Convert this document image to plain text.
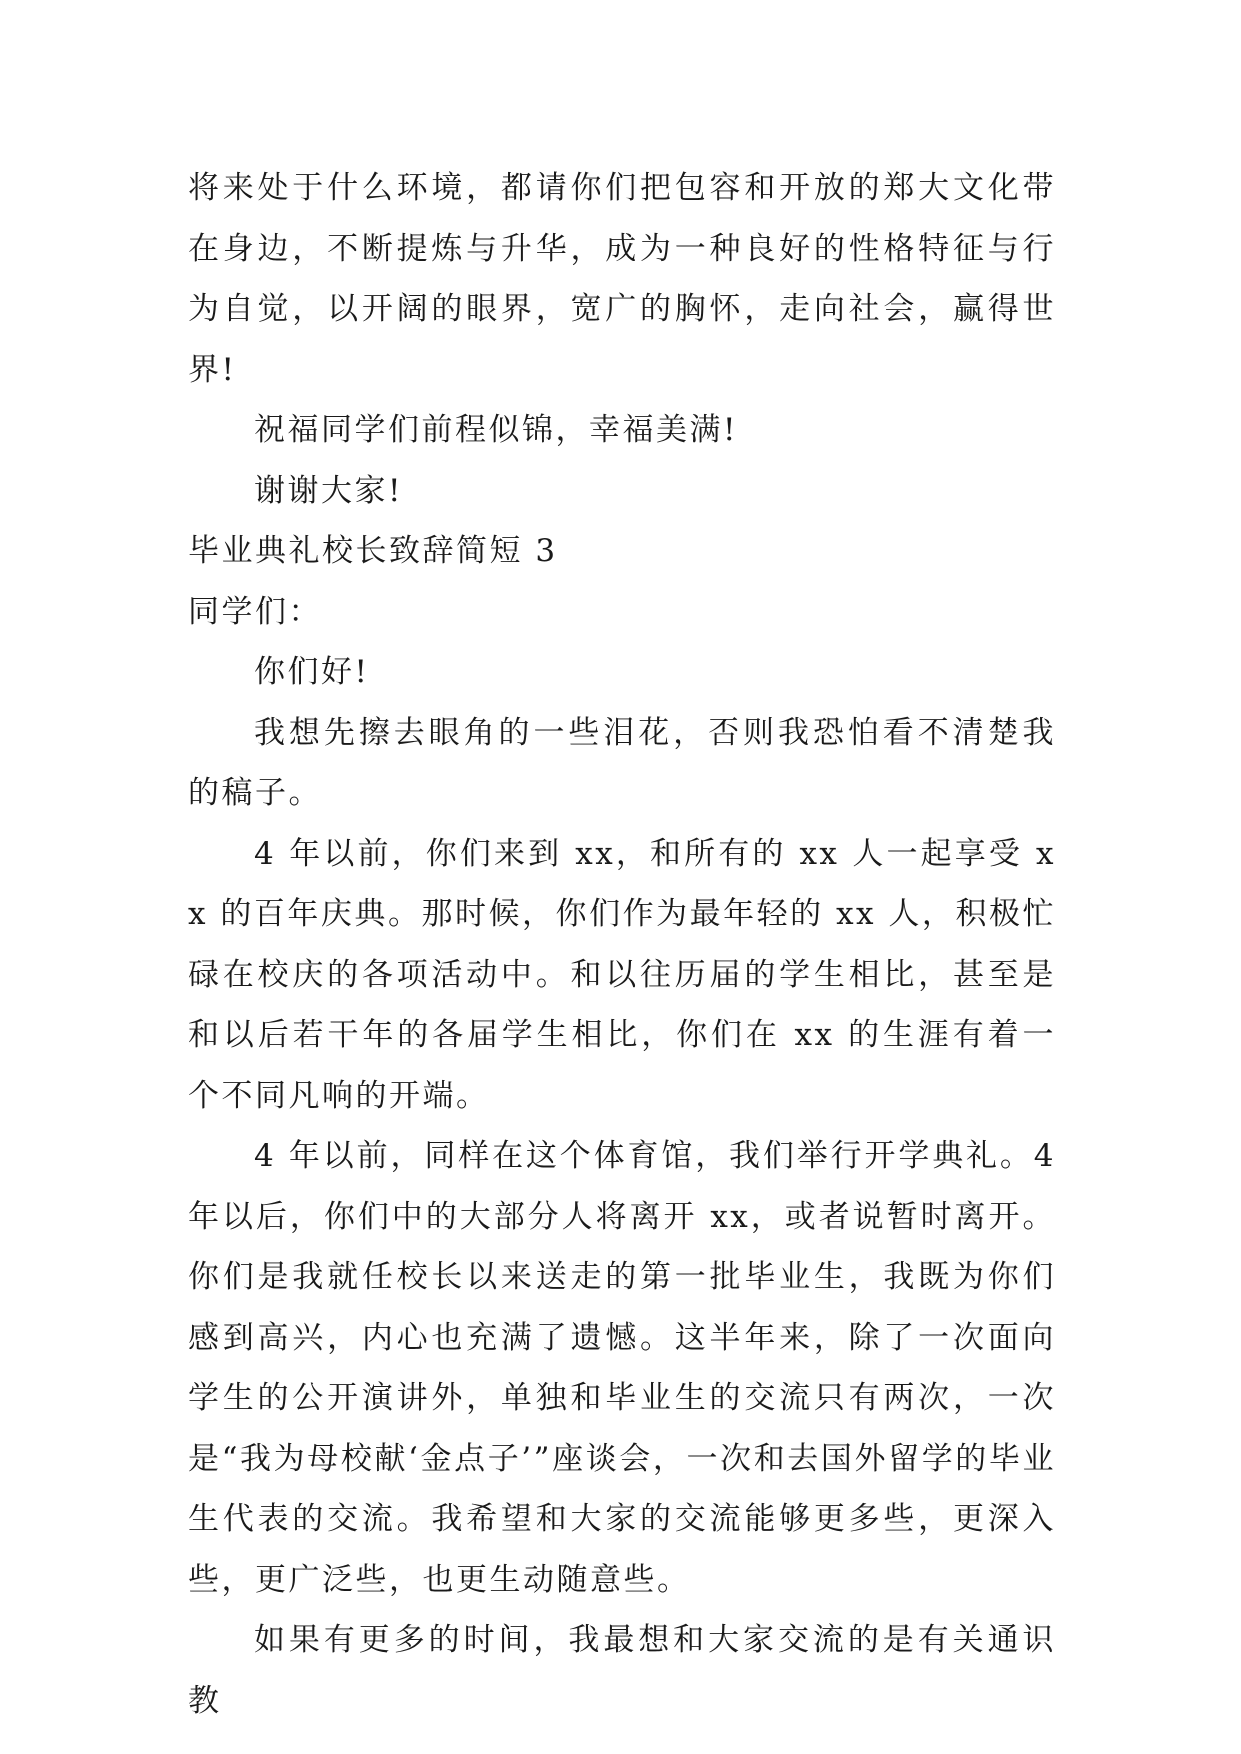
将来处于什么环境，都请你们把包容和开放的郑大文化带在身边，不断提炼与升华，成为一种良好的性格特征与行为自觉，以开阔的眼界，宽广的胸怀，走向社会，赢得世界!

祝福同学们前程似锦，幸福美满!

谢谢大家!

毕业典礼校长致辞简短 3

同学们：

你们好!

我想先擦去眼角的一些泪花，否则我恐怕看不清楚我的稿子。

4 年以前，你们来到 xx，和所有的 xx 人一起享受 xx 的百年庆典。那时候，你们作为最年轻的 xx 人，积极忙碌在校庆的各项活动中。和以往历届的学生相比，甚至是和以后若干年的各届学生相比，你们在 xx 的生涯有着一个不同凡响的开端。

4 年以前，同样在这个体育馆，我们举行开学典礼。4 年以后，你们中的大部分人将离开 xx，或者说暂时离开。你们是我就任校长以来送走的第一批毕业生，我既为你们感到高兴，内心也充满了遗憾。这半年来，除了一次面向学生的公开演讲外，单独和毕业生的交流只有两次，一次是“我为母校献‘金点子’”座谈会，一次和去国外留学的毕业生代表的交流。我希望和大家的交流能够更多些，更深入些，更广泛些，也更生动随意些。

如果有更多的时间，我最想和大家交流的是有关通识教
